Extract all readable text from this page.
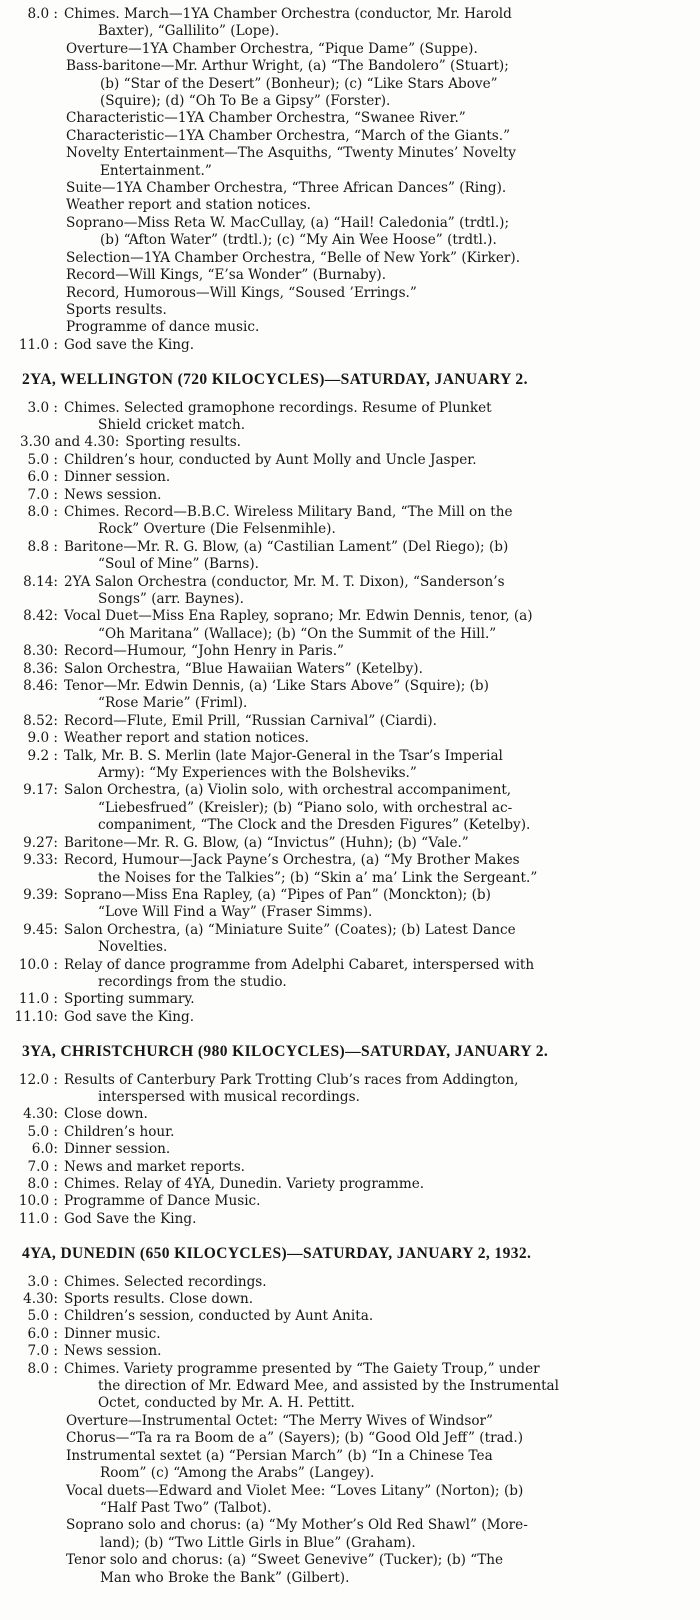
8.0 : Chimes. March—1YA Chamber Orchestra (conductor, Mr. Harold
Baxter), “Gallilito” (Lope).
Overture—1YA Chamber Orchestra, “Pique Dame” (Suppe).
Bass-baritone—Mr. Arthur Wright, (a) “The Bandolero” (Stuart);
(b) “Star of the Desert” (Bonheur); (c) “Like Stars Above”
(Squire); (d) “Oh To Be a Gipsy” (Forster).
Characteristic—1YA Chamber Orchestra, “Swanee River.”
Characteristic—1YA Chamber Orchestra, “March of the Giants.”
Novelty Entertainment—The Asquiths, “Twenty Minutes’ Novelty
Entertainment.”
Suite—1YA Chamber Orchestra, “Three African Dances” (Ring).
Weather report and station notices.
Soprano—Miss Reta W. MacCullay, (a) “Hail! Caledonia” (trdtl.);
(b) “Afton Water” (trdtl.); (c) “My Ain Wee Hoose” (trdtl.).
Selection—1YA Chamber Orchestra, “Belle of New York” (Kirker).
Record—Will Kings, “E’sa Wonder” (Burnaby).
Record, Humorous—Will Kings, “Soused ’Errings.”
Sports results.
Programme of dance music.
11.0 : God save the King.
2YA, WELLINGTON (720 KILOCYCLES)—SATURDAY, JANUARY 2.
3.0 : Chimes. Selected gramophone recordings. Resume of Plunket
Shield cricket match.
3.30 and 4.30: Sporting results.
5.0 : Children’s hour, conducted by Aunt Molly and Uncle Jasper.
6.0 : Dinner session.
7.0 : News session.
8.0 : Chimes. Record—B.B.C. Wireless Military Band, “The Mill on the
Rock” Overture (Die Felsenmihle).
8.8 : Baritone—Mr. R. G. Blow, (a) “Castilian Lament” (Del Riego); (b)
“Soul of Mine” (Barns).
8.14: 2YA Salon Orchestra (conductor, Mr. M. T. Dixon), “Sanderson’s
Songs” (arr. Baynes).
8.42: Vocal Duet—Miss Ena Rapley, soprano; Mr. Edwin Dennis, tenor, (a)
“Oh Maritana” (Wallace); (b) “On the Summit of the Hill.”
8.30: Record—Humour, “John Henry in Paris.”
8.36: Salon Orchestra, “Blue Hawaiian Waters” (Ketelby).
8.46: Tenor—Mr. Edwin Dennis, (a) ‘Like Stars Above” (Squire); (b)
“Rose Marie” (Friml).
8.52: Record—Flute, Emil Prill, “Russian Carnival” (Ciardi).
9.0 : Weather report and station notices.
9.2 : Talk, Mr. B. S. Merlin (late Major-General in the Tsar’s Imperial
Army): “My Experiences with the Bolsheviks.”
9.17: Salon Orchestra, (a) Violin solo, with orchestral accompaniment,
“Liebesfrued” (Kreisler); (b) “Piano solo, with orchestral ac-
companiment, “The Clock and the Dresden Figures” (Ketelby).
9.27: Baritone—Mr. R. G. Blow, (a) “Invictus” (Huhn); (b) “Vale.”
9.33: Record, Humour—Jack Payne’s Orchestra, (a) “My Brother Makes
the Noises for the Talkies”; (b) “Skin a’ ma’ Link the Sergeant.”
9.39: Soprano—Miss Ena Rapley, (a) “Pipes of Pan” (Monckton); (b)
“Love Will Find a Way” (Fraser Simms).
9.45: Salon Orchestra, (a) “Miniature Suite” (Coates); (b) Latest Dance
Novelties.
10.0 : Relay of dance programme from Adelphi Cabaret, interspersed with
recordings from the studio.
11.0 : Sporting summary.
11.10: God save the King.
3YA, CHRISTCHURCH (980 KILOCYCLES)—SATURDAY, JANUARY 2.
12.0 : Results of Canterbury Park Trotting Club’s races from Addington,
interspersed with musical recordings.
4.30: Close down.
5.0 : Children’s hour.
6.0: Dinner session.
7.0 : News and market reports.
8.0 : Chimes. Relay of 4YA, Dunedin. Variety programme.
10.0 : Programme of Dance Music.
11.0 : God Save the King.
4YA, DUNEDIN (650 KILOCYCLES)—SATURDAY, JANUARY 2, 1932.
3.0 : Chimes. Selected recordings.
4.30: Sports results. Close down.
5.0 : Children’s session, conducted by Aunt Anita.
6.0 : Dinner music.
7.0 : News session.
8.0 : Chimes. Variety programme presented by “The Gaiety Troup,” under
the direction of Mr. Edward Mee, and assisted by the Instrumental
Octet, conducted by Mr. A. H. Pettitt.
Overture—Instrumental Octet: “The Merry Wives of Windsor”
Chorus—“Ta ra ra Boom de a” (Sayers); (b) “Good Old Jeff” (trad.)
Instrumental sextet (a) “Persian March” (b) “In a Chinese Tea
Room” (c) “Among the Arabs” (Langey).
Vocal duets—Edward and Violet Mee: “Loves Litany” (Norton); (b)
“Half Past Two” (Talbot).
Soprano solo and chorus: (a) “My Mother’s Old Red Shawl” (More-
land); (b) “Two Little Girls in Blue” (Graham).
Tenor solo and chorus: (a) “Sweet Genevive” (Tucker); (b) “The
Man who Broke the Bank” (Gilbert).
